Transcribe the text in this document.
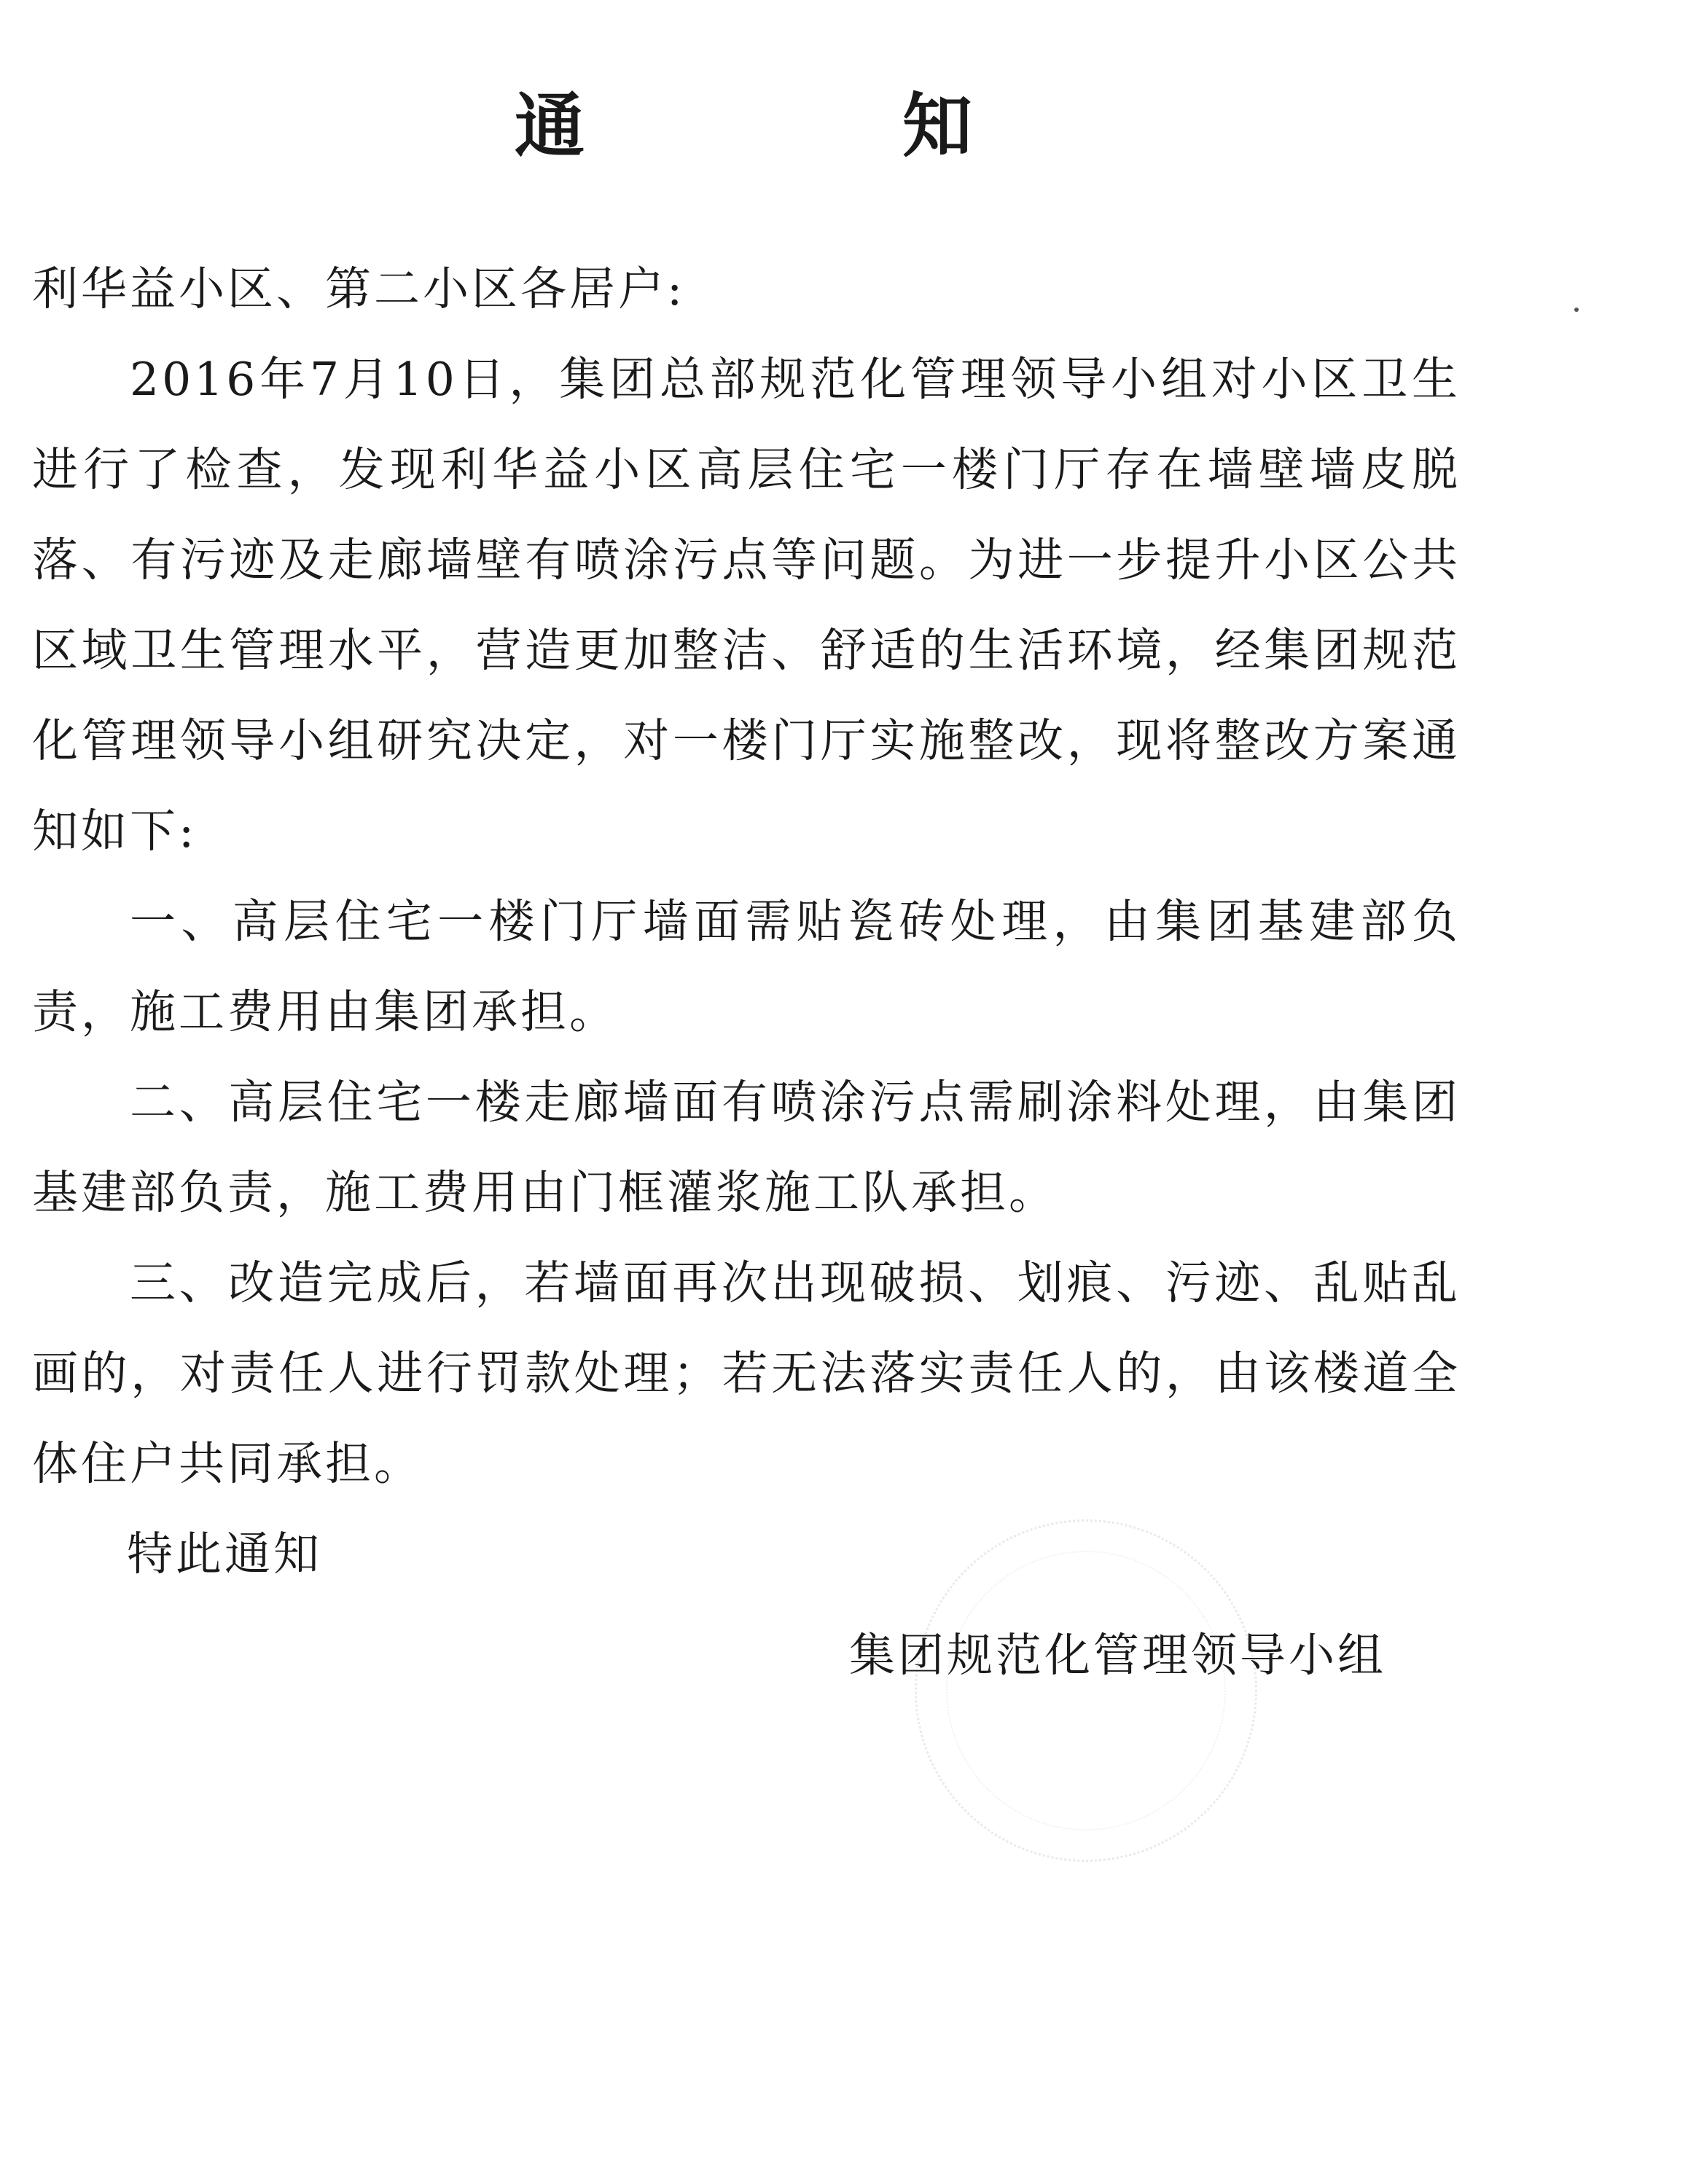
通　知

利华益小区、第二小区各居户:

2016年7月10日，集团总部规范化管理领导小组对小区卫生进行了检查，发现利华益小区高层住宅一楼门厅存在墙壁墙皮脱落、有污迹及走廊墙壁有喷涂污点等问题。为进一步提升小区公共区域卫生管理水平，营造更加整洁、舒适的生活环境，经集团规范化管理领导小组研究决定，对一楼门厅实施整改，现将整改方案通知如下:

一、高层住宅一楼门厅墙面需贴瓷砖处理，由集团基建部负责，施工费用由集团承担。

二、高层住宅一楼走廊墙面有喷涂污点需刷涂料处理，由集团基建部负责，施工费用由门框灌浆施工队承担。

三、改造完成后，若墙面再次出现破损、划痕、污迹、乱贴乱画的，对责任人进行罚款处理；若无法落实责任人的，由该楼道全体住户共同承担。

特此通知

集团规范化管理领导小组
